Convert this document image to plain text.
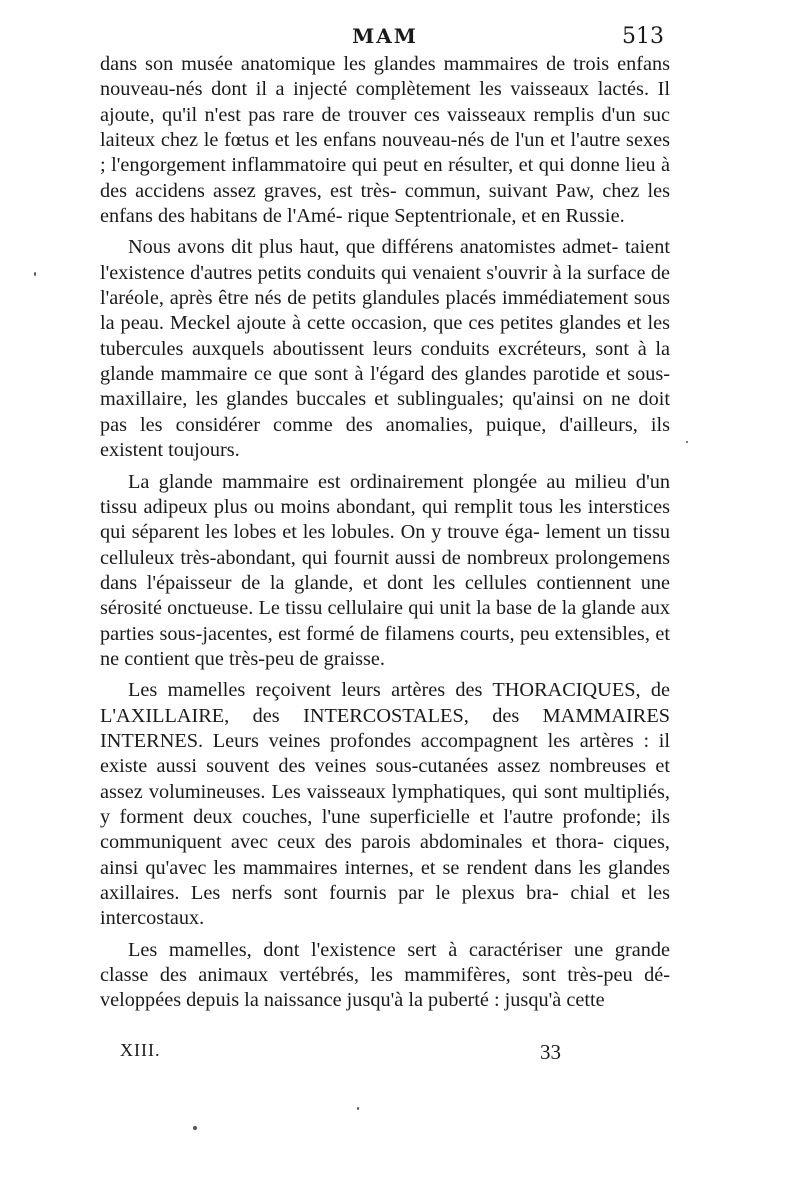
MAM	513

dans son musée anatomique les glandes mammaires de trois enfans nouveau-nés dont il a injecté complètement les vaisseaux lactés. Il ajoute, qu'il n'est pas rare de trouver ces vaisseaux remplis d'un suc laiteux chez le fœtus et les enfans nouveau-nés de l'un et l'autre sexes ; l'engorgement inflammatoire qui peut en résulter, et qui donne lieu à des accidens assez graves, est très- commun, suivant Paw, chez les enfans des habitans de l'Amé- rique Septentrionale, et en Russie.

Nous avons dit plus haut, que différens anatomistes admet- taient l'existence d'autres petits conduits qui venaient s'ouvrir à la surface de l'aréole, après être nés de petits glandules placés immédiatement sous la peau. Meckel ajoute à cette occasion, que ces petites glandes et les tubercules auxquels aboutissent leurs conduits excréteurs, sont à la glande mammaire ce que sont à l'égard des glandes parotide et sous-maxillaire, les glandes buccales et sublinguales; qu'ainsi on ne doit pas les considérer comme des anomalies, puique, d'ailleurs, ils existent toujours.

La glande mammaire est ordinairement plongée au milieu d'un tissu adipeux plus ou moins abondant, qui remplit tous les interstices qui séparent les lobes et les lobules. On y trouve éga- lement un tissu celluleux très-abondant, qui fournit aussi de nombreux prolongemens dans l'épaisseur de la glande, et dont les cellules contiennent une sérosité onctueuse. Le tissu cellulaire qui unit la base de la glande aux parties sous-jacentes, est formé de filamens courts, peu extensibles, et ne contient que très-peu de graisse.

Les mamelles reçoivent leurs artères des THORACIQUES, de L'AXILLAIRE, des INTERCOSTALES, des MAMMAIRES INTERNES. Leurs veines profondes accompagnent les artères : il existe aussi souvent des veines sous-cutanées assez nombreuses et assez volumineuses. Les vaisseaux lymphatiques, qui sont multipliés, y forment deux couches, l'une superficielle et l'autre profonde; ils communiquent avec ceux des parois abdominales et thora- ciques, ainsi qu'avec les mammaires internes, et se rendent dans les glandes axillaires. Les nerfs sont fournis par le plexus bra- chial et les intercostaux.

Les mamelles, dont l'existence sert à caractériser une grande classe des animaux vertébrés, les mammifères, sont très-peu dé- veloppées depuis la naissance jusqu'à la puberté : jusqu'à cette

XIII.	33
